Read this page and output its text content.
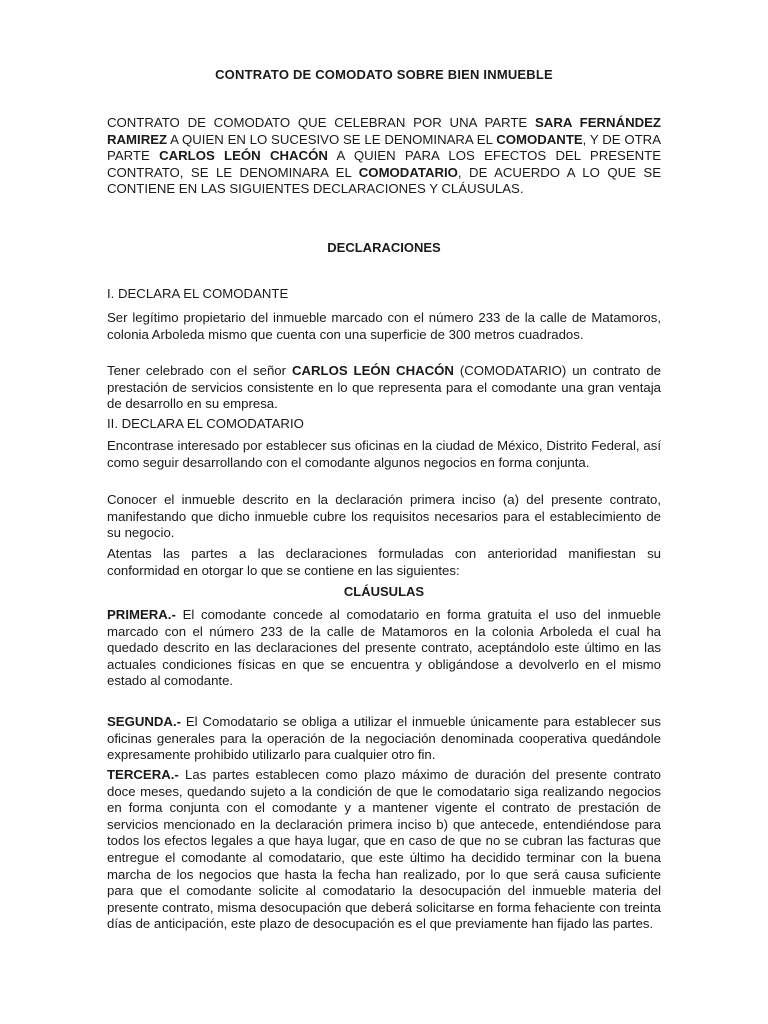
CONTRATO DE COMODATO SOBRE BIEN INMUEBLE

CONTRATO DE COMODATO QUE CELEBRAN POR UNA PARTE SARA FERNÁNDEZ RAMIREZ A QUIEN EN LO SUCESIVO SE LE DENOMINARA EL COMODANTE, Y DE OTRA PARTE CARLOS LEÓN CHACÓN A QUIEN PARA LOS EFECTOS DEL PRESENTE CONTRATO, SE LE DENOMINARA EL COMODATARIO, DE ACUERDO A LO QUE SE CONTIENE EN LAS SIGUIENTES DECLARACIONES Y CLÁUSULAS.

DECLARACIONES

I. DECLARA EL COMODANTE

Ser legítimo propietario del inmueble marcado con el número 233 de la calle de Matamoros, colonia Arboleda mismo que cuenta con una superficie de 300 metros cuadrados.

Tener celebrado con el señor CARLOS LEÓN CHACÓN (COMODATARIO) un contrato de prestación de servicios consistente en lo que representa para el comodante una gran ventaja de desarrollo en su empresa.

II. DECLARA EL COMODATARIO

Encontrase interesado por establecer sus oficinas en la ciudad de México, Distrito Federal, así como seguir desarrollando con el comodante algunos negocios en forma conjunta.

Conocer el inmueble descrito en la declaración primera inciso (a) del presente contrato, manifestando que dicho inmueble cubre los requisitos necesarios para el establecimiento de su negocio.

Atentas las partes a las declaraciones formuladas con anterioridad manifiestan su conformidad en otorgar lo que se contiene en las siguientes:

CLÁUSULAS

PRIMERA.- El comodante concede al comodatario en forma gratuita el uso del inmueble marcado con el número 233 de la calle de Matamoros en la colonia Arboleda el cual ha quedado descrito en las declaraciones del presente contrato, aceptándolo este último en las actuales condiciones físicas en que se encuentra y obligándose a devolverlo en el mismo estado al comodante.

SEGUNDA.- El Comodatario se obliga a utilizar el inmueble únicamente para establecer sus oficinas generales para la operación de la negociación denominada cooperativa quedándole expresamente prohibido utilizarlo para cualquier otro fin.

TERCERA.- Las partes establecen como plazo máximo de duración del presente contrato doce meses, quedando sujeto a la condición de que le comodatario siga realizando negocios en forma conjunta con el comodante y a mantener vigente el contrato de prestación de servicios mencionado en la declaración primera inciso b) que antecede, entendiéndose para todos los efectos legales a que haya lugar, que en caso de que no se cubran las facturas que entregue el comodante al comodatario, que este último ha decidido terminar con la buena marcha de los negocios que hasta la fecha han realizado, por lo que será causa suficiente para que el comodante solicite al comodatario la desocupación del inmueble materia del presente contrato, misma desocupación que deberá solicitarse en forma fehaciente con treinta días de anticipación, este plazo de desocupación es el que previamente han fijado las partes.
